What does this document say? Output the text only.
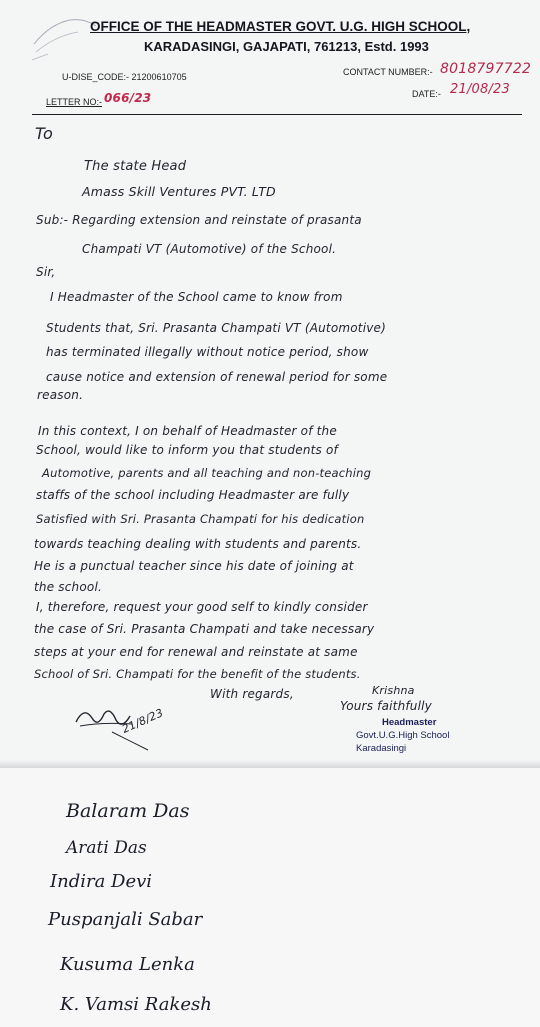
OFFICE OF THE HEADMASTER GOVT. U.G. HIGH SCHOOL,
KARADASINGI, GAJAPATI, 761213, Estd. 1993
U-DISE_CODE:- 21200610705	CONTACT NUMBER:- 8018797722
LETTER NO:- 066/23	DATE:- 21/08/23
To
The state Head
Amass Skill Ventures PVT. LTD
Sub:- Regarding extension and reinstate of prasanta
Champati VT (Automotive) of the School.
Sir,
I Headmaster of the School came to know from
Students that, Sri. Prasanta Champati VT (Automotive)
has terminated illegally without notice period, show
cause notice and extension of renewal period for some
reason.
In this context, I on behalf of Headmaster of the
School, would like to inform you that students of
Automotive, parents and all teaching and non-teaching
staffs of the school including Headmaster are fully
Satisfied with Sri. Prasanta Champati for his dedication
towards teaching dealing with students and parents.
He is a punctual teacher since his date of joining at
the school.
I, therefore, request your good self to kindly consider
the case of Sri. Prasanta Champati and take necessary
steps at your end for renewal and reinstate at same
School of Sri. Champati for the benefit of the students.
With regards,	Krishna
Yours faithfully
Headmaster
Govt.U.G.High School
Karadasingi
21/8/23
Balaram Das
Arati Das
Indira Devi
Puspanjali Sabar
Kusuma Lenka
K. Vamsi Rakesh
